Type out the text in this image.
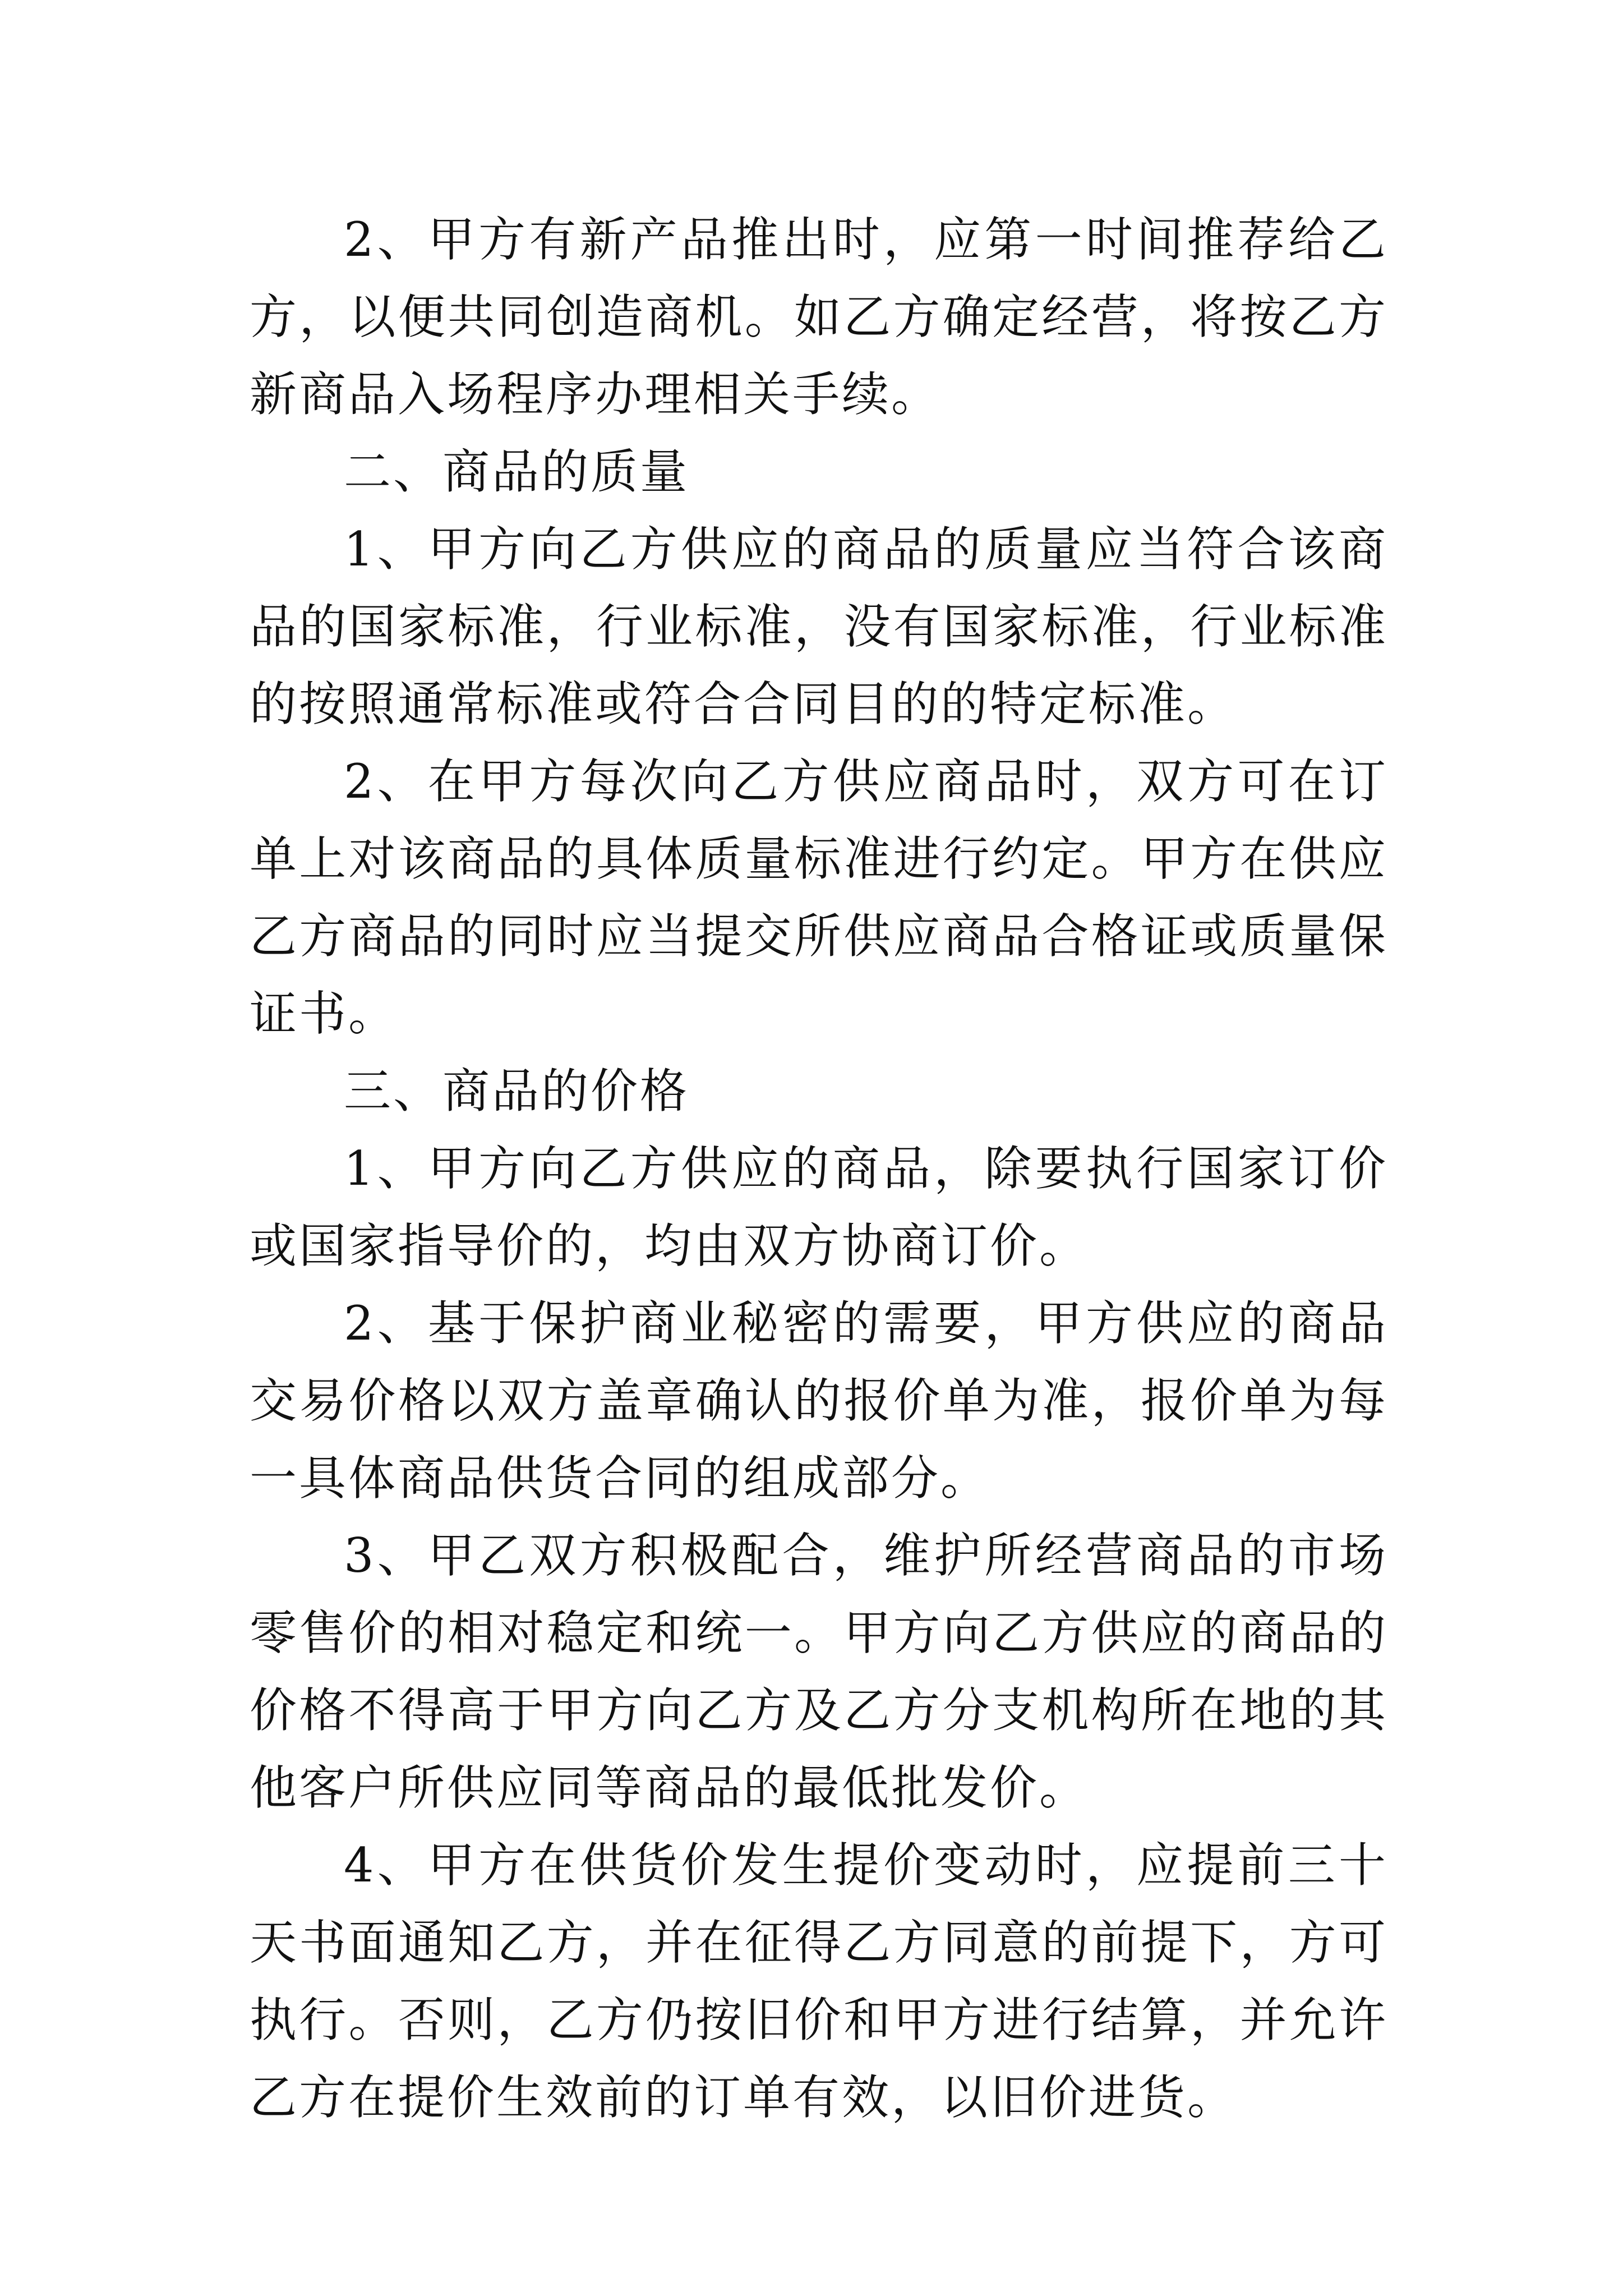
2、甲方有新产品推出时，应第一时间推荐给乙方，以便共同创造商机。如乙方确定经营，将按乙方新商品入场程序办理相关手续。

二、商品的质量

1、甲方向乙方供应的商品的质量应当符合该商品的国家标准，行业标准，没有国家标准，行业标准的按照通常标准或符合合同目的的特定标准。

2、在甲方每次向乙方供应商品时，双方可在订单上对该商品的具体质量标准进行约定。甲方在供应乙方商品的同时应当提交所供应商品合格证或质量保证书。

三、商品的价格

1、甲方向乙方供应的商品，除要执行国家订价或国家指导价的，均由双方协商订价。

2、基于保护商业秘密的需要，甲方供应的商品交易价格以双方盖章确认的报价单为准，报价单为每一具体商品供货合同的组成部分。

3、甲乙双方积极配合，维护所经营商品的市场零售价的相对稳定和统一。甲方向乙方供应的商品的价格不得高于甲方向乙方及乙方分支机构所在地的其他客户所供应同等商品的最低批发价。

4、甲方在供货价发生提价变动时，应提前三十天书面通知乙方，并在征得乙方同意的前提下，方可执行。否则，乙方仍按旧价和甲方进行结算，并允许乙方在提价生效前的订单有效，以旧价进货。
